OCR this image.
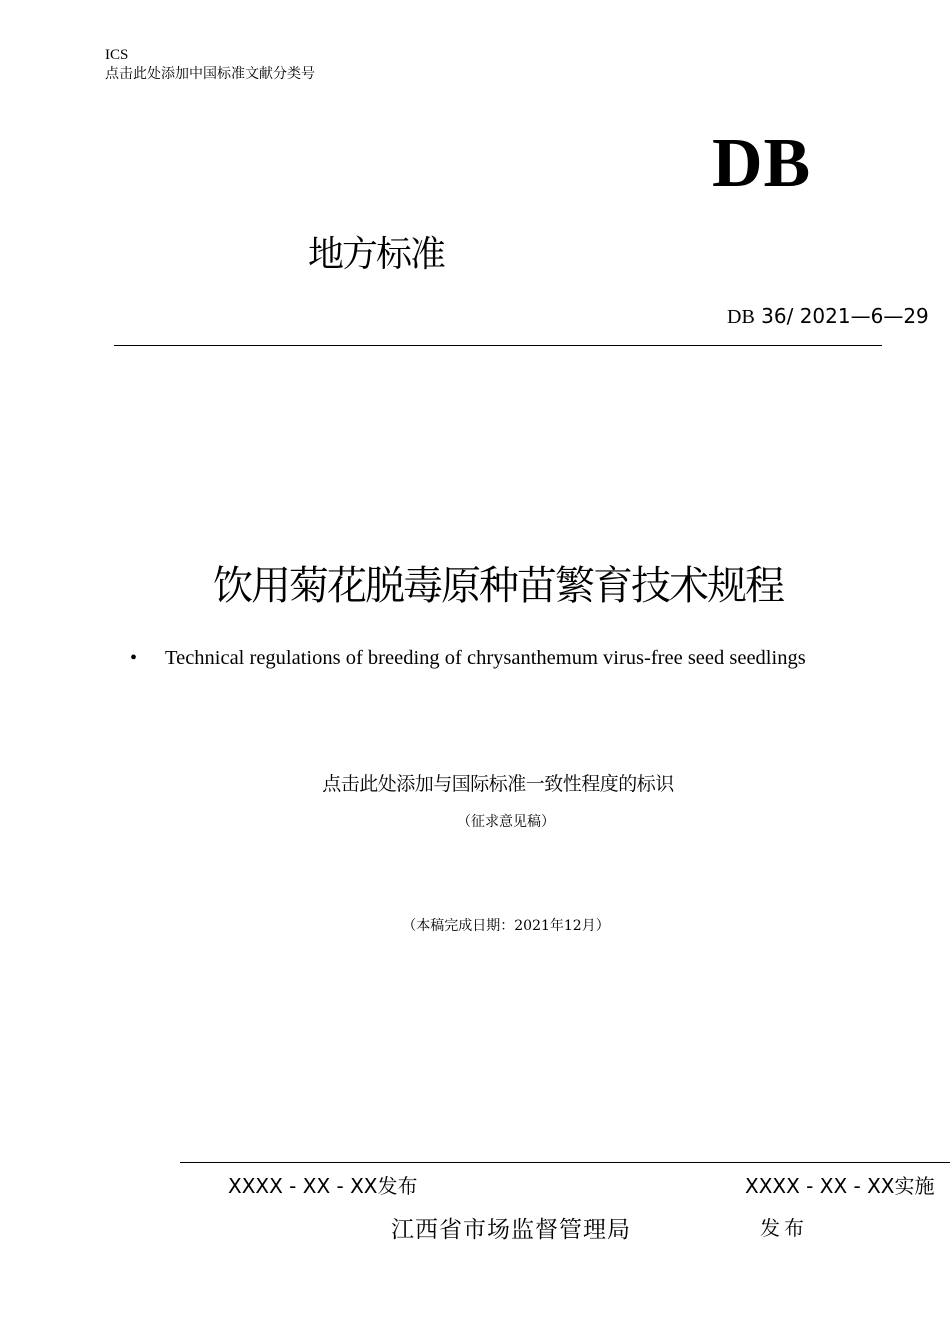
ICS
点击此处添加中国标准文献分类号
DB
地方标准
DB 36/ 2021—6—29
饮用菊花脱毒原种苗繁育技术规程
• Technical regulations of breeding of chrysanthemum virus-free seed seedlings
点击此处添加与国际标准一致性程度的标识
（征求意见稿）
（本稿完成日期：2021年12月）
XXXX - XX - XX发布	XXXX - XX - XX实施
江西省市场监督管理局	发布
